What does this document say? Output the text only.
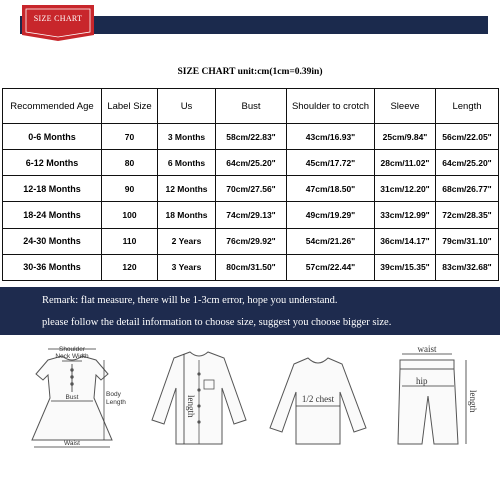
SIZE CHART
SIZE CHART unit:cm(1cm=0.39in)
Recommended Age	Label Size	Us	Bust	Shoulder to crotch	Sleeve	Length
0-6 Months	70	3 Months	58cm/22.83"	43cm/16.93"	25cm/9.84"	56cm/22.05"
6-12 Months	80	6 Months	64cm/25.20"	45cm/17.72"	28cm/11.02"	64cm/25.20"
12-18 Months	90	12 Months	70cm/27.56"	47cm/18.50"	31cm/12.20"	68cm/26.77"
18-24 Months	100	18 Months	74cm/29.13"	49cm/19.29"	33cm/12.99"	72cm/28.35"
24-30 Months	110	2 Years	76cm/29.92"	54cm/21.26"	36cm/14.17"	79cm/31.10"
30-36 Months	120	3 Years	80cm/31.50"	57cm/22.44"	39cm/15.35"	83cm/32.68"
Remark: flat measure, there will be 1-3cm error, hope you understand.
please follow the detail information to choose size, suggest you choose bigger size.
Shoulder
Neck Width
Bust	Body
Length
Waist
length	1/2 chest
waist
hip
length
